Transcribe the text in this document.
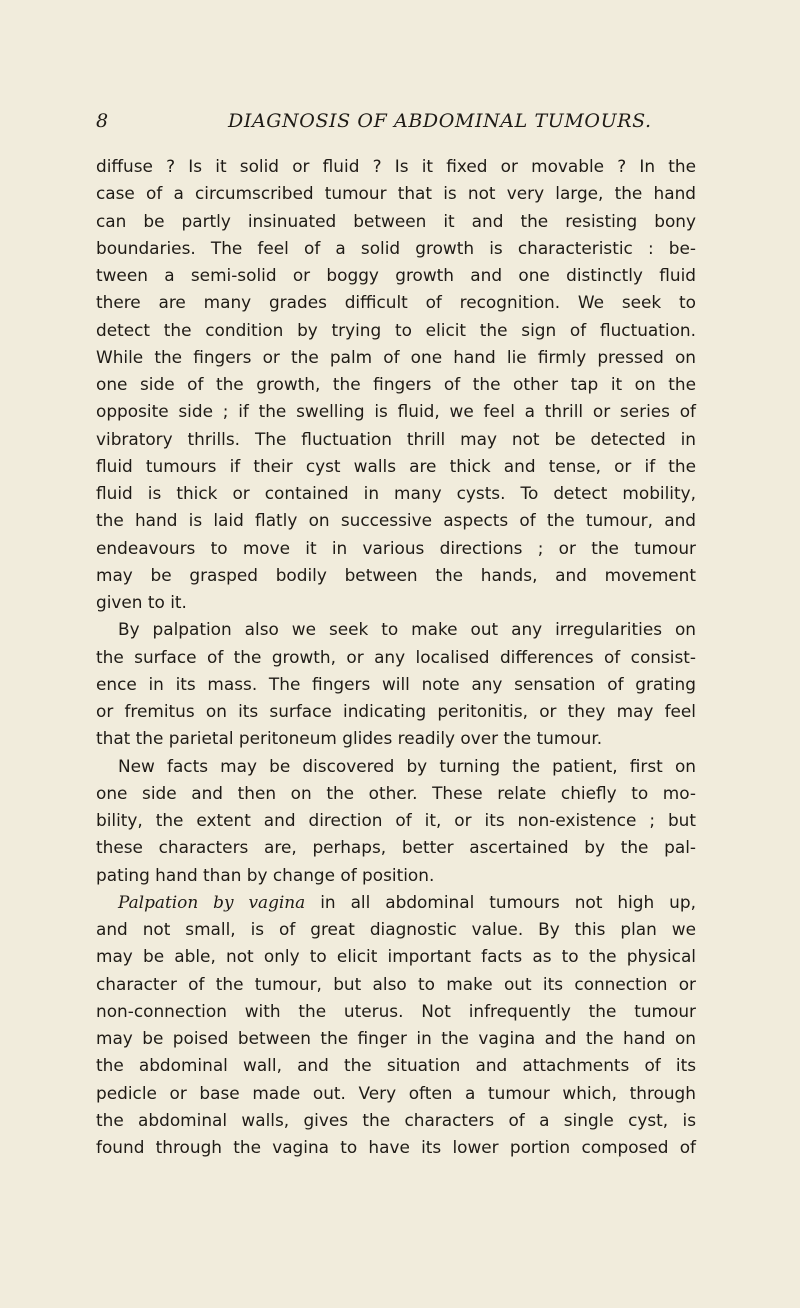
8	DIAGNOSIS OF ABDOMINAL TUMOURS.
diffuse ? Is it solid or fluid ? Is it fixed or movable ? In the
case of a circumscribed tumour that is not very large, the hand
can be partly insinuated between it and the resisting bony
boundaries. The feel of a solid growth is characteristic : be-
tween a semi-solid or boggy growth and one distinctly fluid
there are many grades difficult of recognition. We seek to
detect the condition by trying to elicit the sign of fluctuation.
While the fingers or the palm of one hand lie firmly pressed on
one side of the growth, the fingers of the other tap it on the
opposite side ; if the swelling is fluid, we feel a thrill or series of
vibratory thrills. The fluctuation thrill may not be detected in
fluid tumours if their cyst walls are thick and tense, or if the
fluid is thick or contained in many cysts. To detect mobility,
the hand is laid flatly on successive aspects of the tumour, and
endeavours to move it in various directions ; or the tumour
may be grasped bodily between the hands, and movement
given to it.
By palpation also we seek to make out any irregularities on
the surface of the growth, or any localised differences of consist-
ence in its mass. The fingers will note any sensation of grating
or fremitus on its surface indicating peritonitis, or they may feel
that the parietal peritoneum glides readily over the tumour.
New facts may be discovered by turning the patient, first on
one side and then on the other. These relate chiefly to mo-
bility, the extent and direction of it, or its non-existence ; but
these characters are, perhaps, better ascertained by the pal-
pating hand than by change of position.
Palpation by vagina in all abdominal tumours not high up,
and not small, is of great diagnostic value. By this plan we
may be able, not only to elicit important facts as to the physical
character of the tumour, but also to make out its connection or
non-connection with the uterus. Not infrequently the tumour
may be poised between the finger in the vagina and the hand on
the abdominal wall, and the situation and attachments of its
pedicle or base made out. Very often a tumour which, through
the abdominal walls, gives the characters of a single cyst, is
found through the vagina to have its lower portion composed of
